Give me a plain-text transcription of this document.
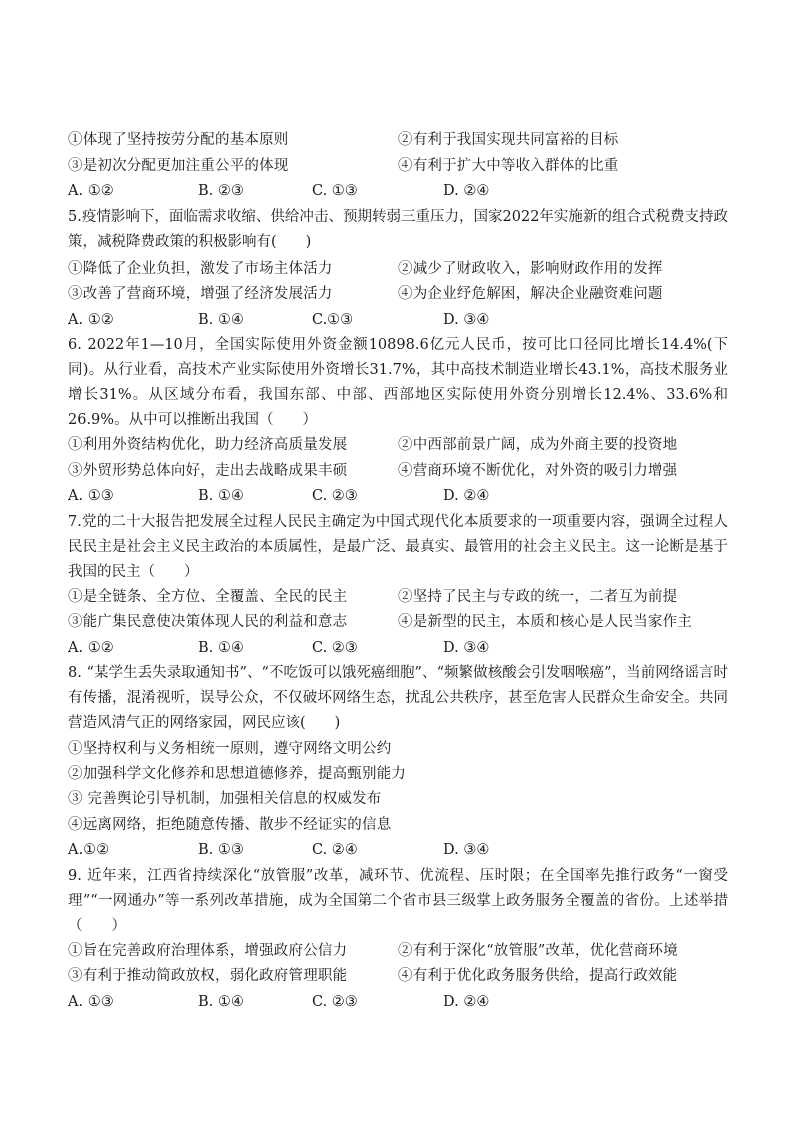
①体现了坚持按劳分配的基本原则	②有利于我国实现共同富裕的目标
③是初次分配更加注重公平的体现	④有利于扩大中等收入群体的比重
A. ①②	B. ②③	C. ①③	D. ②④
5.疫情影响下，面临需求收缩、供给冲击、预期转弱三重压力，国家2022年实施新的组合式税费支持政策，减税降费政策的积极影响有(　　)
①降低了企业负担，激发了市场主体活力	②减少了财政收入，影响财政作用的发挥
③改善了营商环境，增强了经济发展活力	④为企业纾危解困，解决企业融资难问题
A. ①②	B. ①④	C.①③	D. ③④
6. 2022年1—10月，全国实际使用外资金额10898.6亿元人民币，按可比口径同比增长14.4%(下同)。从行业看，高技术产业实际使用外资增长31.7%，其中高技术制造业增长43.1%，高技术服务业增长31%。从区域分布看，我国东部、中部、西部地区实际使用外资分别增长12.4%、33.6%和26.9%。从中可以推断出我国（　　）
①利用外资结构优化，助力经济高质量发展	②中西部前景广阔，成为外商主要的投资地
③外贸形势总体向好，走出去战略成果丰硕	④营商环境不断优化，对外资的吸引力增强
A. ①③	B. ①④	C. ②③	D. ②④
7.党的二十大报告把发展全过程人民民主确定为中国式现代化本质要求的一项重要内容，强调全过程人民民主是社会主义民主政治的本质属性，是最广泛、最真实、最管用的社会主义民主。这一论断是基于我国的民主（　　）
①是全链条、全方位、全覆盖、全民的民主	②坚持了民主与专政的统一，二者互为前提
③能广集民意使决策体现人民的利益和意志	④是新型的民主，本质和核心是人民当家作主
A. ①②	B. ①④	C. ②③	D. ③④
8. “某学生丢失录取通知书”、“不吃饭可以饿死癌细胞”、“频繁做核酸会引发咽喉癌”，当前网络谣言时有传播，混淆视听，误导公众，不仅破坏网络生态，扰乱公共秩序，甚至危害人民群众生命安全。共同营造风清气正的网络家园，网民应该(　　)
①坚持权利与义务相统一原则，遵守网络文明公约
②加强科学文化修养和思想道德修养，提高甄别能力
③ 完善舆论引导机制，加强相关信息的权威发布
④远离网络，拒绝随意传播、散步不经证实的信息
A.①②	B. ①③	C. ②④	D. ③④
9. 近年来，江西省持续深化“放管服”改革，减环节、优流程、压时限；在全国率先推行政务“一窗受理”“一网通办”等一系列改革措施，成为全国第二个省市县三级掌上政务服务全覆盖的省份。上述举措（　　）
①旨在完善政府治理体系，增强政府公信力	②有利于深化“放管服”改革，优化营商环境
③有利于推动简政放权，弱化政府管理职能	④有利于优化政务服务供给，提高行政效能
A. ①③	B. ①④	C. ②③	D. ②④
